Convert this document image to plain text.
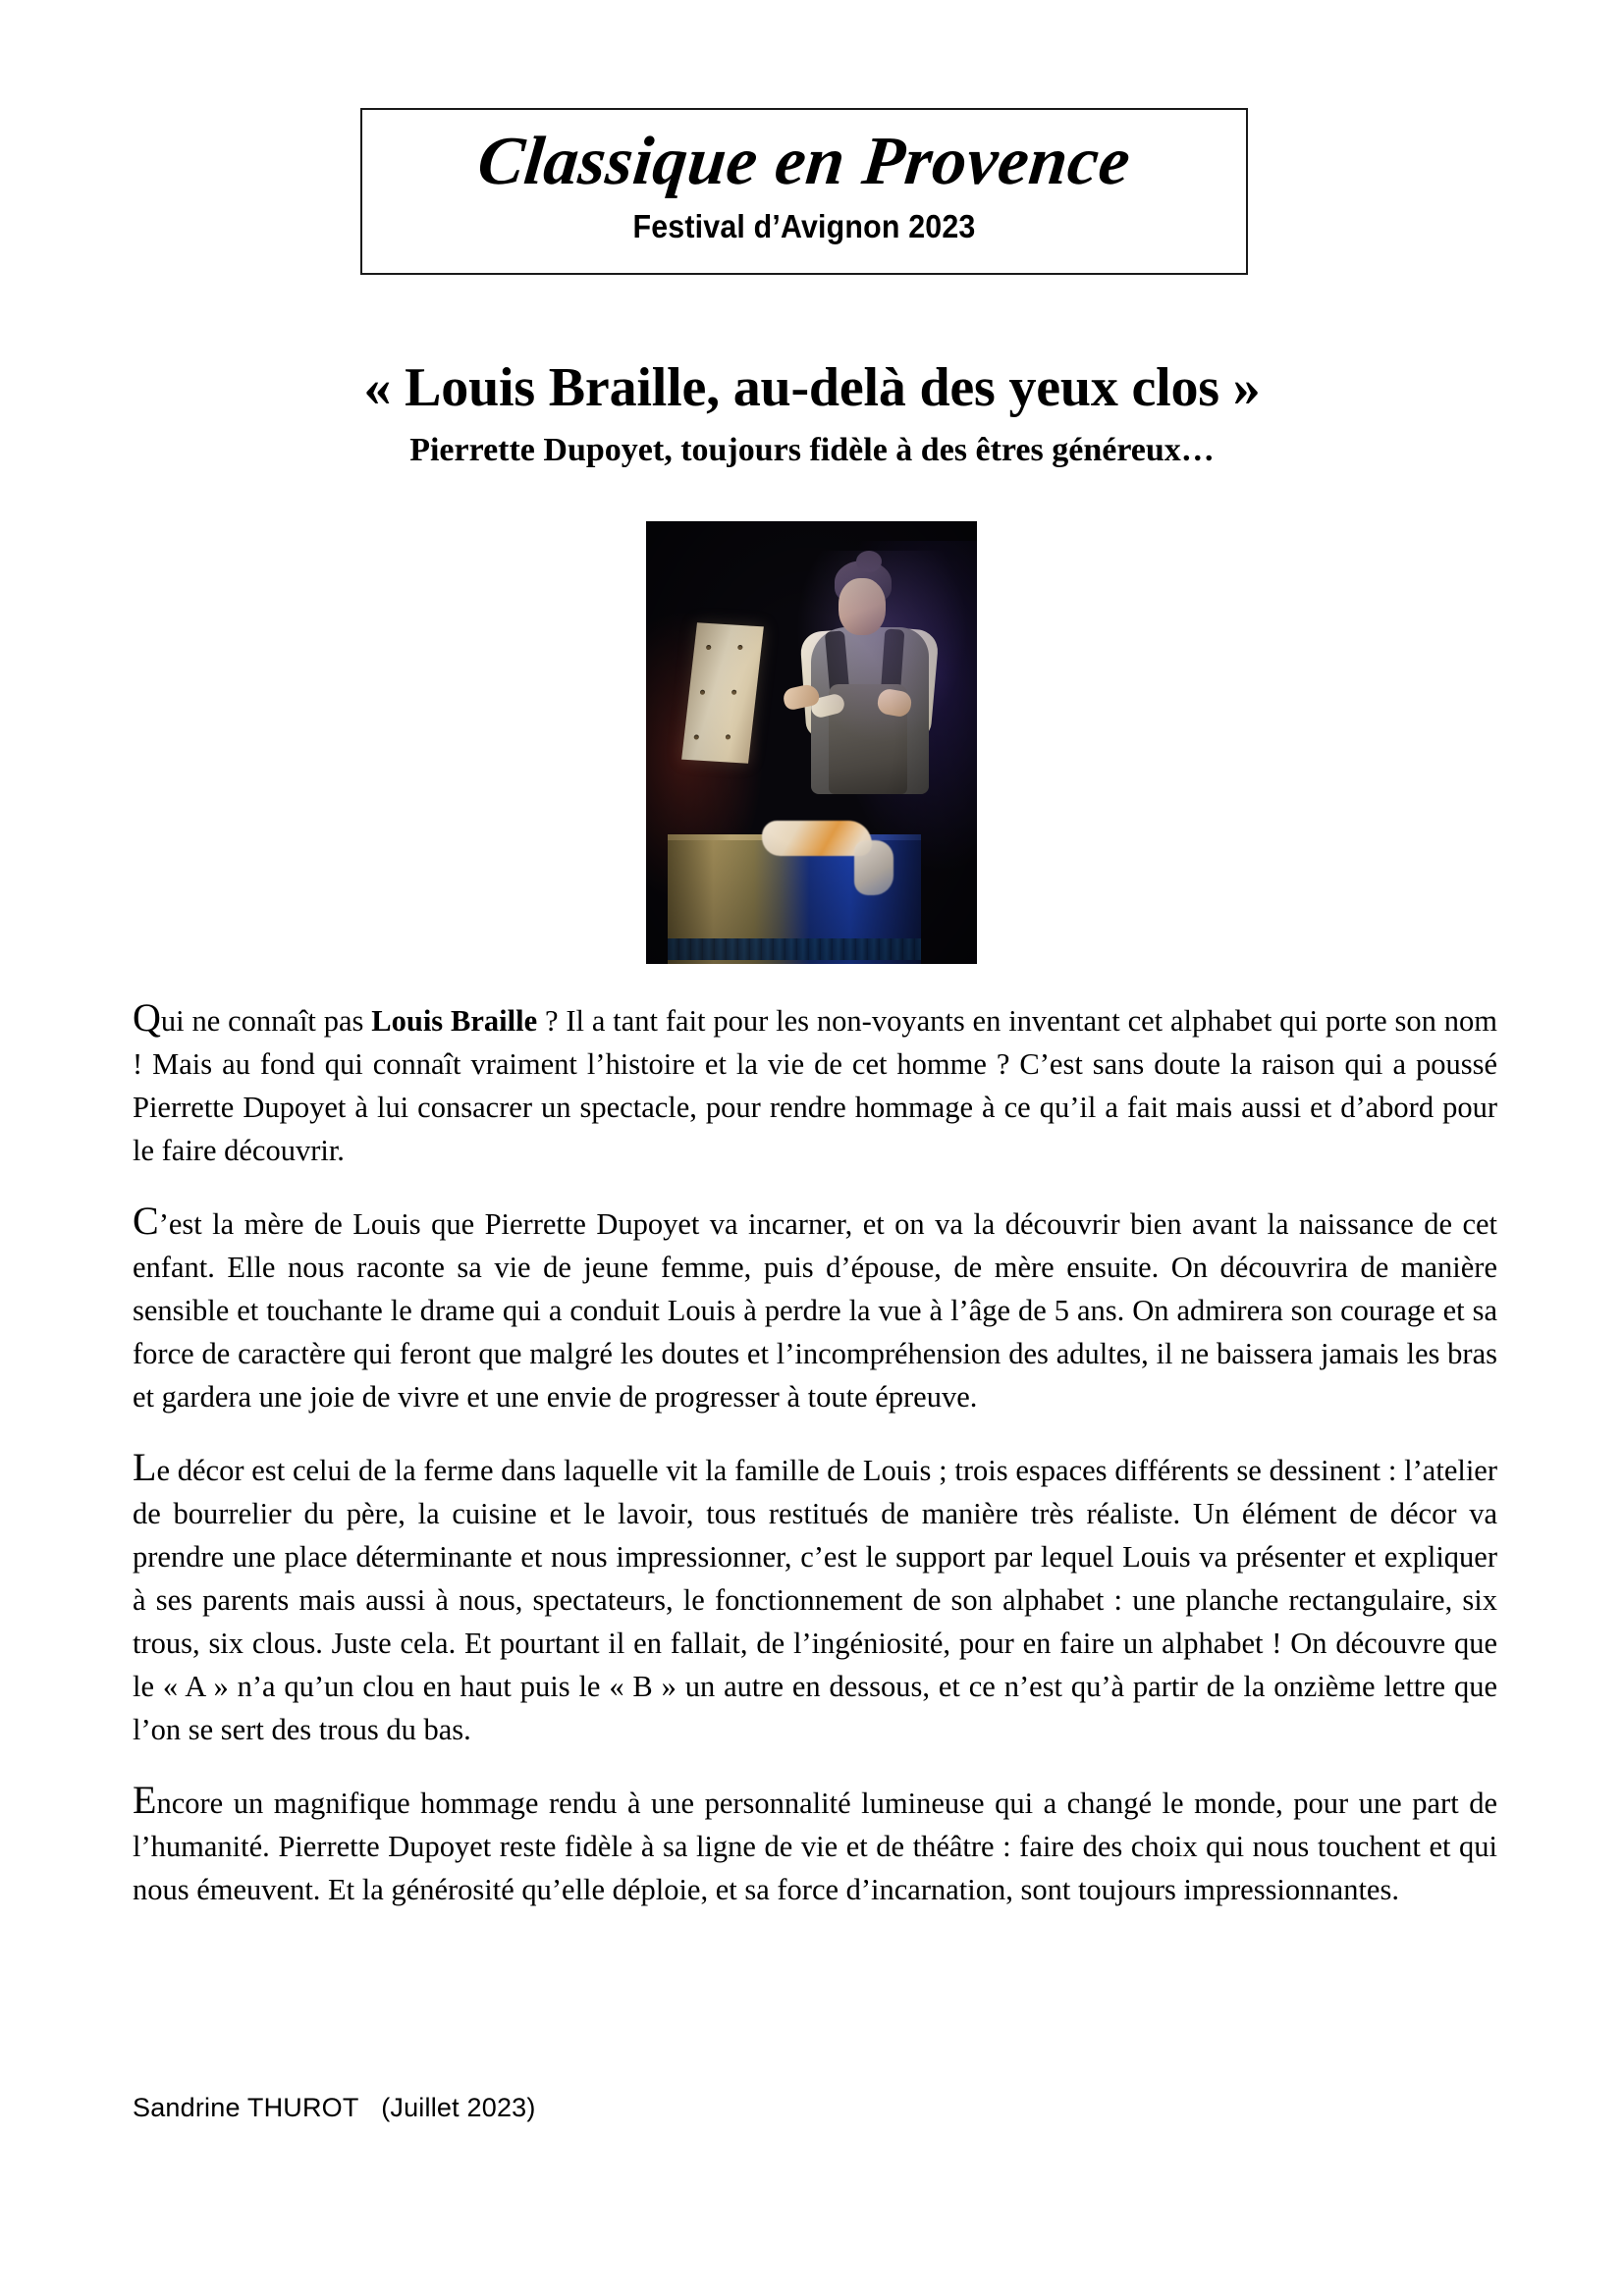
Classique en Provence
Festival d’Avignon 2023
« Louis Braille, au-delà des yeux clos »
Pierrette Dupoyet, toujours fidèle à des êtres généreux…

Qui ne connaît pas Louis Braille ? Il a tant fait pour les non-voyants en inventant cet alphabet qui porte son nom ! Mais au fond qui connaît vraiment l’histoire et la vie de cet homme ? C’est sans doute la raison qui a poussé Pierrette Dupoyet à lui consacrer un spectacle, pour rendre hommage à ce qu’il a fait mais aussi et d’abord pour le faire découvrir.

C’est la mère de Louis que Pierrette Dupoyet va incarner, et on va la découvrir bien avant la naissance de cet enfant. Elle nous raconte sa vie de jeune femme, puis d’épouse, de mère ensuite. On découvrira de manière sensible et touchante le drame qui a conduit Louis à perdre la vue à l’âge de 5 ans. On admirera son courage et sa force de caractère qui feront que malgré les doutes et l’incompréhension des adultes, il ne baissera jamais les bras et gardera une joie de vivre et une envie de progresser à toute épreuve.

Le décor est celui de la ferme dans laquelle vit la famille de Louis ; trois espaces différents se dessinent : l’atelier de bourrelier du père, la cuisine et le lavoir, tous restitués de manière très réaliste. Un élément de décor va prendre une place déterminante et nous impressionner, c’est le support par lequel Louis va présenter et expliquer à ses parents mais aussi à nous, spectateurs, le fonctionnement de son alphabet : une planche rectangulaire, six trous, six clous. Juste cela. Et pourtant il en fallait, de l’ingéniosité, pour en faire un alphabet ! On découvre que le « A » n’a qu’un clou en haut puis le « B » un autre en dessous, et ce n’est qu’à partir de la onzième lettre que l’on se sert des trous du bas.

Encore un magnifique hommage rendu à une personnalité lumineuse qui a changé le monde, pour une part de l’humanité. Pierrette Dupoyet reste fidèle à sa ligne de vie et de théâtre : faire des choix qui nous touchent et qui nous émeuvent. Et la générosité qu’elle déploie, et sa force d’incarnation, sont toujours impressionnantes.

Sandrine THUROT   (Juillet 2023)
